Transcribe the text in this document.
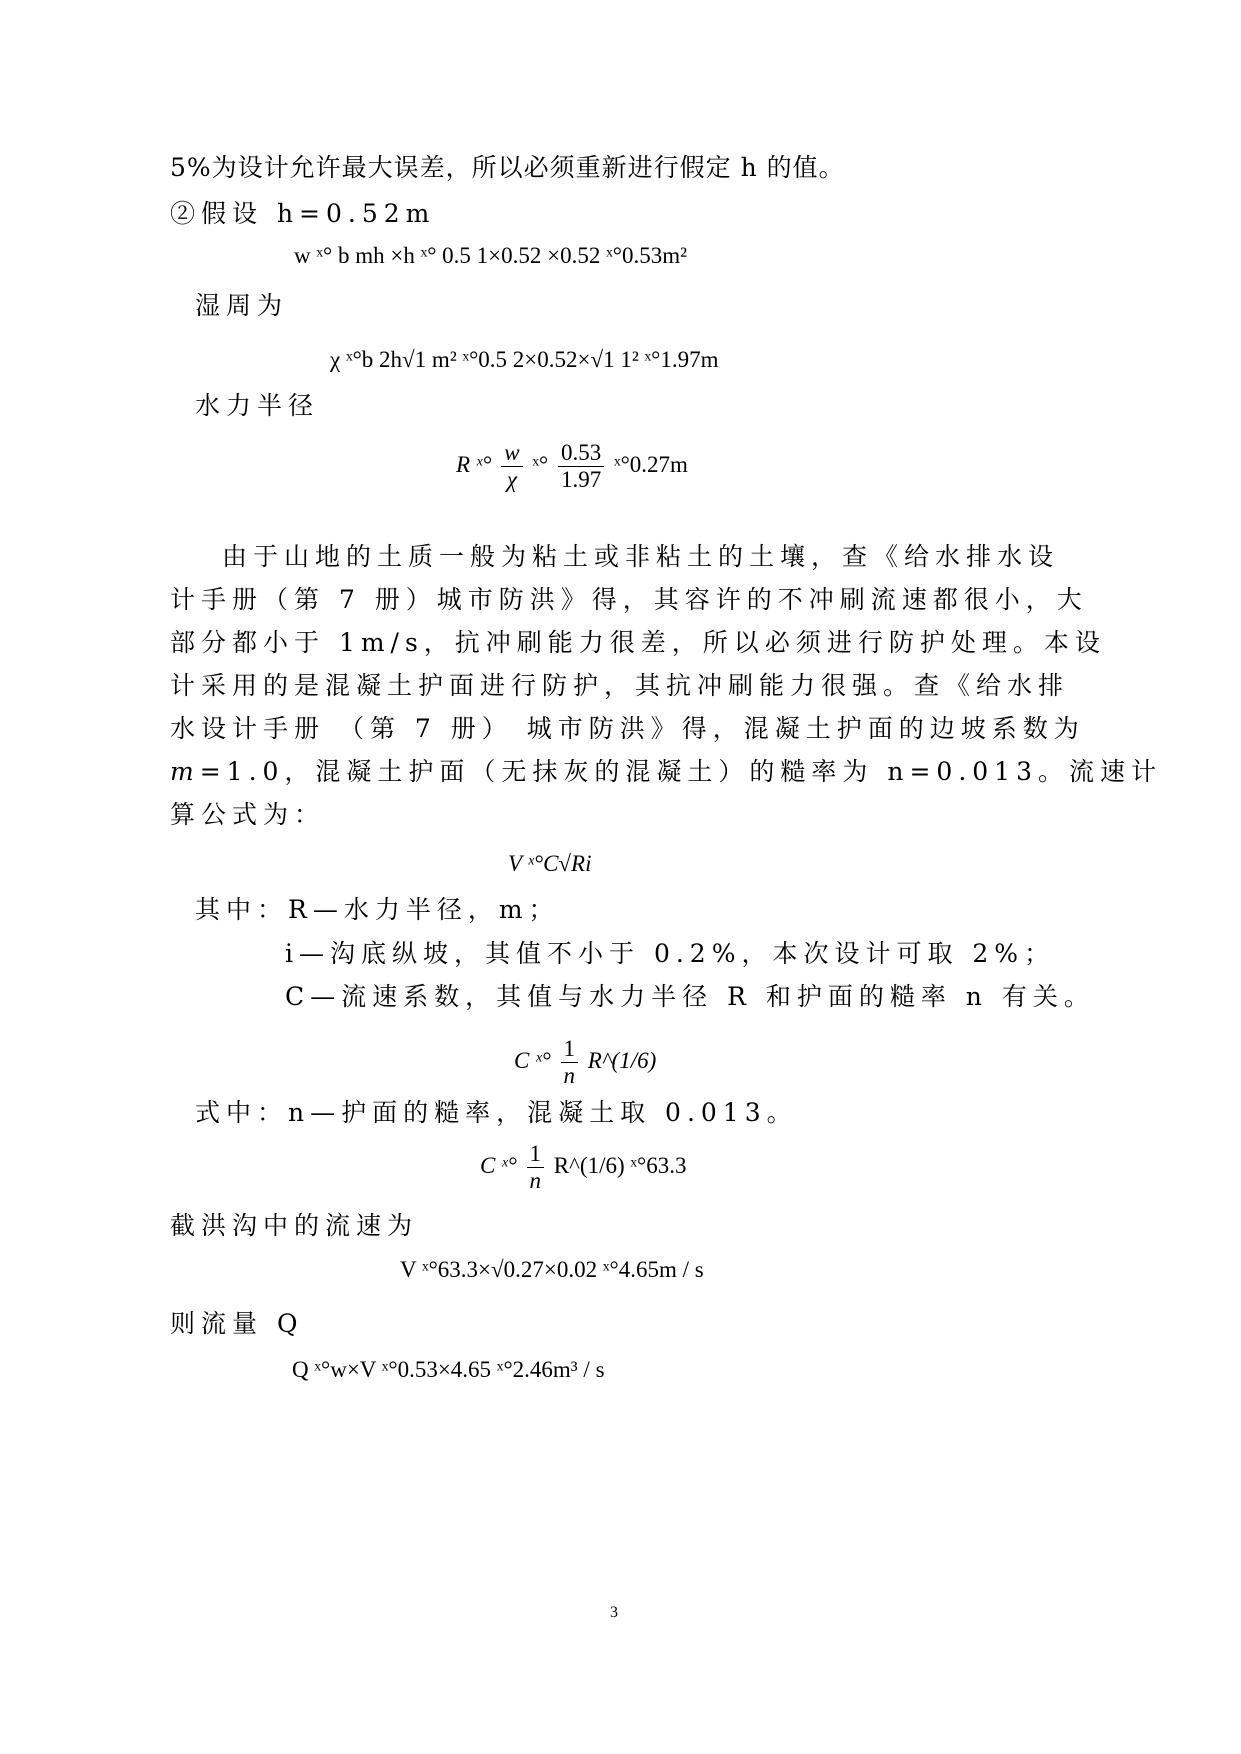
5%为设计允许最大误差，所以必须重新进行假定 h 的值。
②假设 h=0.52m
w ˣ° b mh ×h ˣ° 0.5 1×0.52 ×0.52 ˣ°0.53m²
湿周为
χ ˣ°b 2h√1 m² ˣ°0.5 2×0.52×√1 1² ˣ°1.97m
水力半径
R ˣ° $\frac{w}{\chi}$ ˣ° $\frac{0.53}{1.97}$ ˣ°0.27m
由于山地的土质一般为粘土或非粘土的土壤，查《给水排水设
计手册（第 7 册）城市防洪》得，其容许的不冲刷流速都很小，大
部分都小于 1m/s，抗冲刷能力很差，所以必须进行防护处理。本设
计采用的是混凝土护面进行防护，其抗冲刷能力很强。查《给水排
水设计手册 （第 7 册） 城市防洪》得，混凝土护面的边坡系数为
m=1.0，混凝土护面（无抹灰的混凝土）的糙率为 n=0.013。流速计
算公式为：
V ˣ°C√Ri
其中：R—水力半径，m；
i—沟底纵坡，其值不小于 0.2%，本次设计可取 2%；
C—流速系数，其值与水力半径 R 和护面的糙率 n 有关。
C ˣ° $\frac{1}{n}$ R^(1/6)
式中：n—护面的糙率，混凝土取 0.013。
C ˣ° $\frac{1}{n}$ R^(1/6) ˣ°63.3
截洪沟中的流速为
V ˣ°63.3×√0.27×0.02 ˣ°4.65m / s
则流量 Q
Q ˣ°w×V ˣ°0.53×4.65 ˣ°2.46m³ / s
3
